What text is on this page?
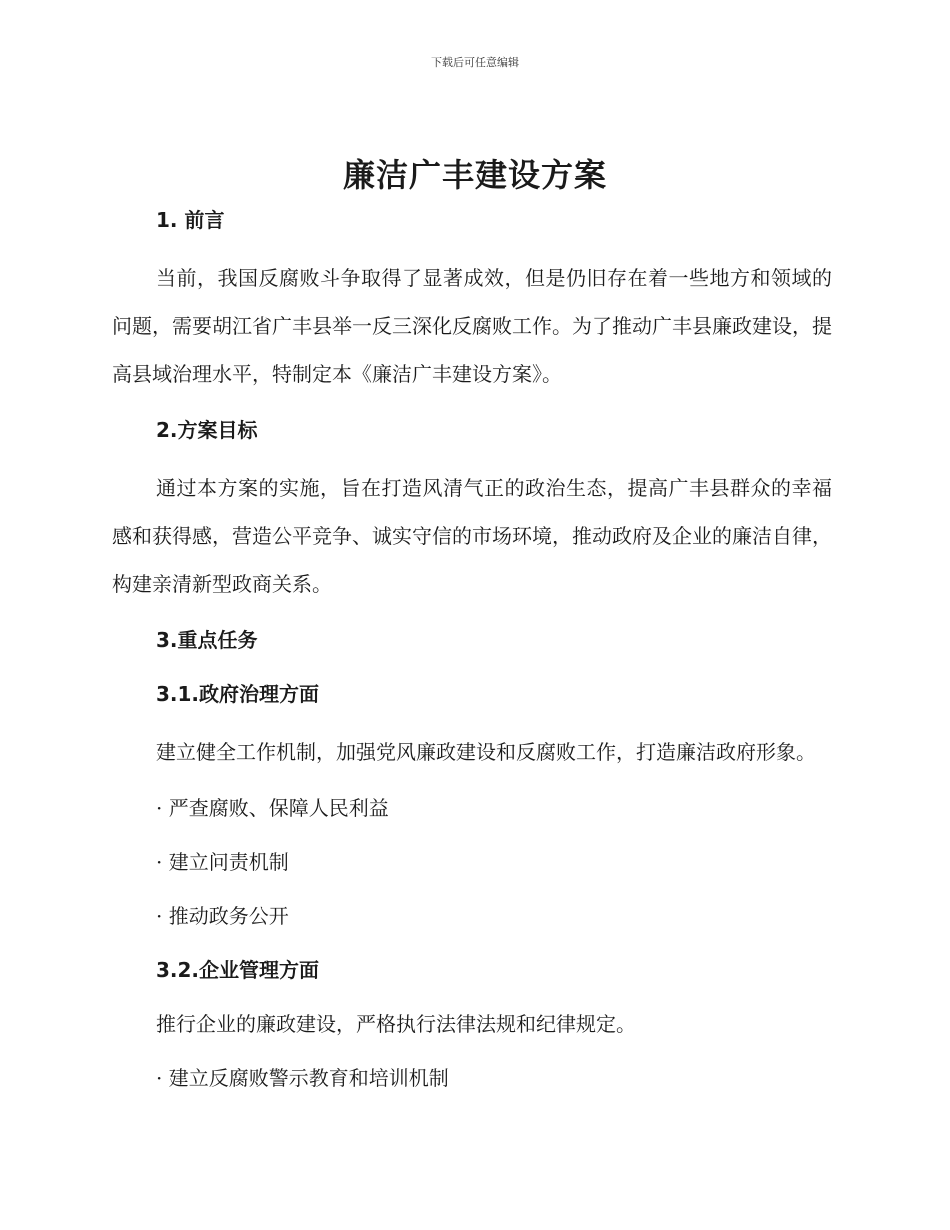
下载后可任意编辑
廉洁广丰建设方案
1. 前言

当前，我国反腐败斗争取得了显著成效，但是仍旧存在着一些地方和领域的问题，需要胡江省广丰县举一反三深化反腐败工作。为了推动广丰县廉政建设，提高县域治理水平，特制定本《廉洁广丰建设方案》。

2.方案目标

通过本方案的实施，旨在打造风清气正的政治生态，提高广丰县群众的幸福感和获得感，营造公平竞争、诚实守信的市场环境，推动政府及企业的廉洁自律，构建亲清新型政商关系。

3.重点任务
3.1.政府治理方面

建立健全工作机制，加强党风廉政建设和反腐败工作，打造廉洁政府形象。

· 严查腐败、保障人民利益
· 建立问责机制
· 推动政务公开
3.2.企业管理方面
推行企业的廉政建设，严格执行法律法规和纪律规定。
· 建立反腐败警示教育和培训机制
